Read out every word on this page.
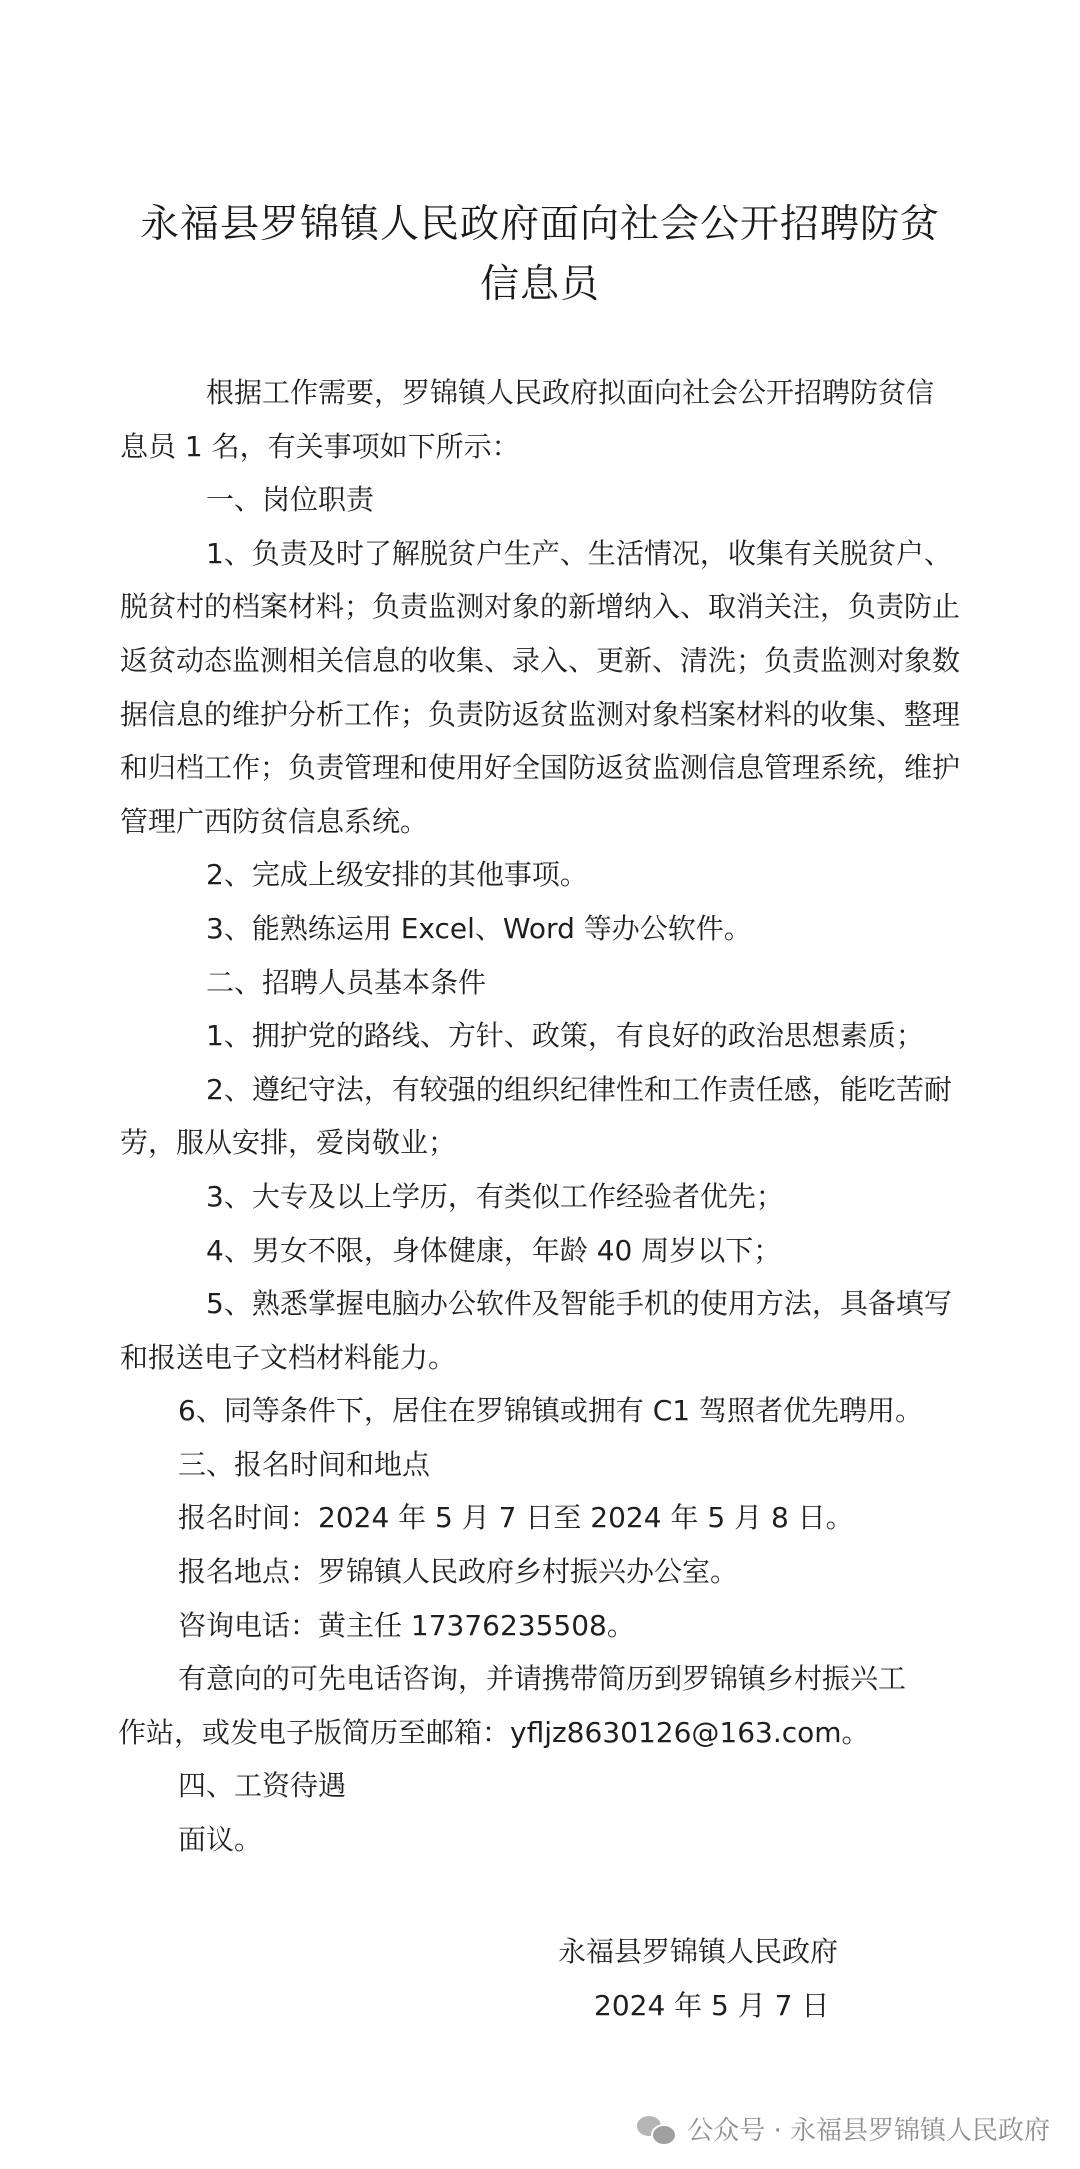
永福县罗锦镇人民政府面向社会公开招聘防贫
信息员

根据工作需要，罗锦镇人民政府拟面向社会公开招聘防贫信
息员 1 名，有关事项如下所示：

一、岗位职责

1、负责及时了解脱贫户生产、生活情况，收集有关脱贫户、脱贫村的档案材料；负责监测对象的新增纳入、取消关注，负责防止返贫动态监测相关信息的收集、录入、更新、清洗；负责监测对象数据信息的维护分析工作；负责防返贫监测对象档案材料的收集、整理和归档工作；负责管理和使用好全国防返贫监测信息管理系统，维护管理广西防贫信息系统。

2、完成上级安排的其他事项。

3、能熟练运用 Excel、Word 等办公软件。

二、招聘人员基本条件

1、拥护党的路线、方针、政策，有良好的政治思想素质；

2、遵纪守法，有较强的组织纪律性和工作责任感，能吃苦耐劳，服从安排，爱岗敬业；

3、大专及以上学历，有类似工作经验者优先；

4、男女不限，身体健康，年龄 40 周岁以下；

5、熟悉掌握电脑办公软件及智能手机的使用方法，具备填写和报送电子文档材料能力。

6、同等条件下，居住在罗锦镇或拥有 C1 驾照者优先聘用。

三、报名时间和地点

报名时间：2024 年 5 月 7 日至 2024 年 5 月 8 日。

报名地点：罗锦镇人民政府乡村振兴办公室。

咨询电话：黄主任 17376235508。

有意向的可先电话咨询，并请携带简历到罗锦镇乡村振兴工
作站，或发电子版简历至邮箱：yfljz8630126@163.com。

四、工资待遇

面议。

永福县罗锦镇人民政府
2024 年 5 月 7 日
公众号 · 永福县罗锦镇人民政府
